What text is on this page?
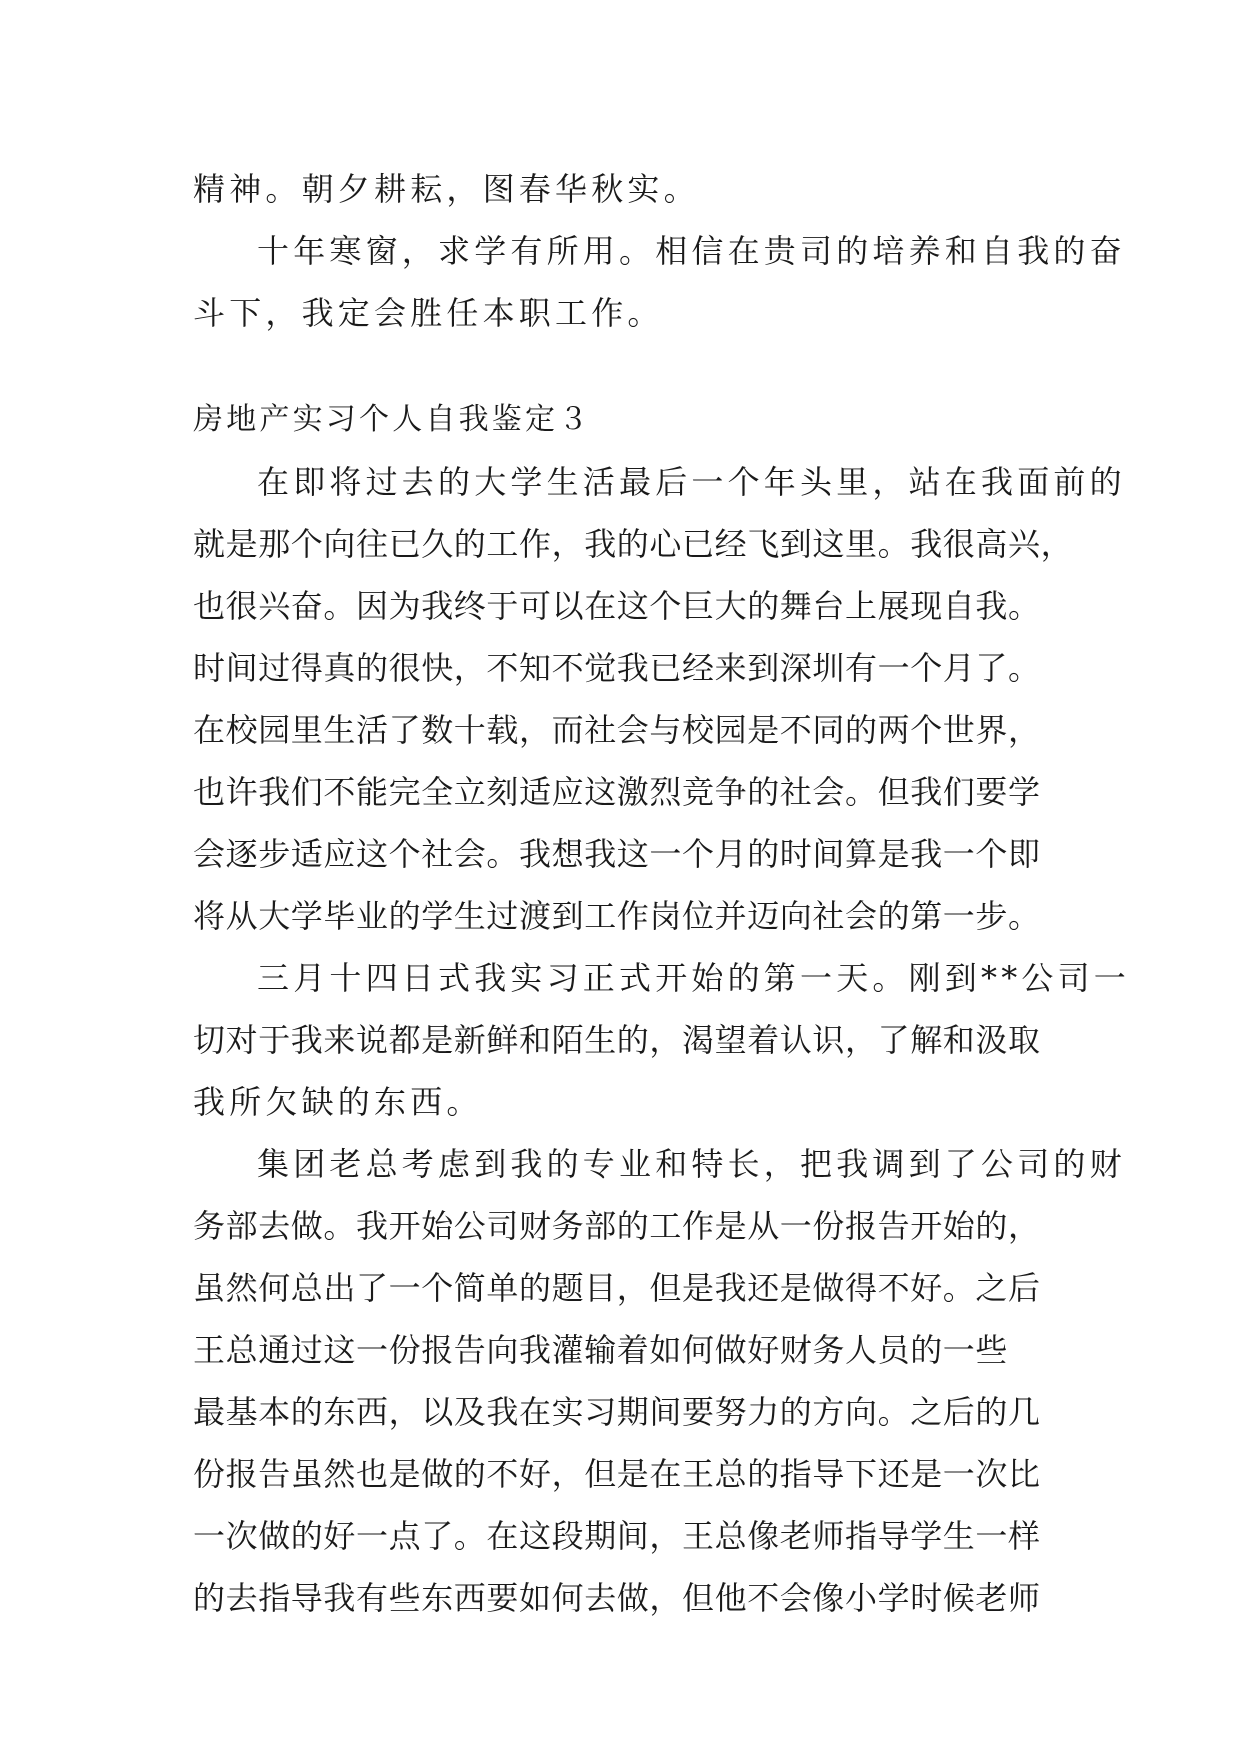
精神。朝夕耕耘，图春华秋实。
十年寒窗，求学有所用。相信在贵司的培养和自我的奋
斗下，我定会胜任本职工作。
房地产实习个人自我鉴定３
在即将过去的大学生活最后一个年头里，站在我面前的
就是那个向往已久的工作，我的心已经飞到这里。我很高兴，
也很兴奋。因为我终于可以在这个巨大的舞台上展现自我。
时间过得真的很快，不知不觉我已经来到深圳有一个月了。
在校园里生活了数十载，而社会与校园是不同的两个世界，
也许我们不能完全立刻适应这激烈竞争的社会。但我们要学
会逐步适应这个社会。我想我这一个月的时间算是我一个即
将从大学毕业的学生过渡到工作岗位并迈向社会的第一步。
三月十四日式我实习正式开始的第一天。刚到**公司一
切对于我来说都是新鲜和陌生的，渴望着认识，了解和汲取
我所欠缺的东西。
集团老总考虑到我的专业和特长，把我调到了公司的财
务部去做。我开始公司财务部的工作是从一份报告开始的，
虽然何总出了一个简单的题目，但是我还是做得不好。之后
王总通过这一份报告向我灌输着如何做好财务人员的一些
最基本的东西，以及我在实习期间要努力的方向。之后的几
份报告虽然也是做的不好，但是在王总的指导下还是一次比
一次做的好一点了。在这段期间，王总像老师指导学生一样
的去指导我有些东西要如何去做，但他不会像小学时候老师
